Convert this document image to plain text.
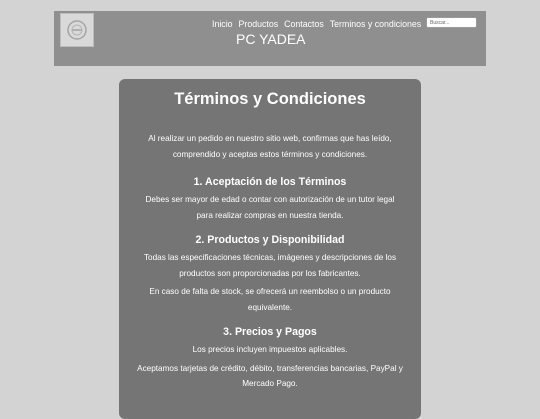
Inicio Productos Contactos Terminos y condiciones
Buscar...
PC YADEA
Términos y Condiciones

Al realizar un pedido en nuestro sitio web, confirmas que has leído, comprendido y aceptas estos términos y condiciones.

1. Aceptación de los Términos

Debes ser mayor de edad o contar con autorización de un tutor legal para realizar compras en nuestra tienda.

2. Productos y Disponibilidad

Todas las especificaciones técnicas, imágenes y descripciones de los productos son proporcionadas por los fabricantes.

En caso de falta de stock, se ofrecerá un reembolso o un producto equivalente.

3. Precios y Pagos

Los precios incluyen impuestos aplicables.

Aceptamos tarjetas de crédito, débito, transferencias bancarias, PayPal y Mercado Pago.
